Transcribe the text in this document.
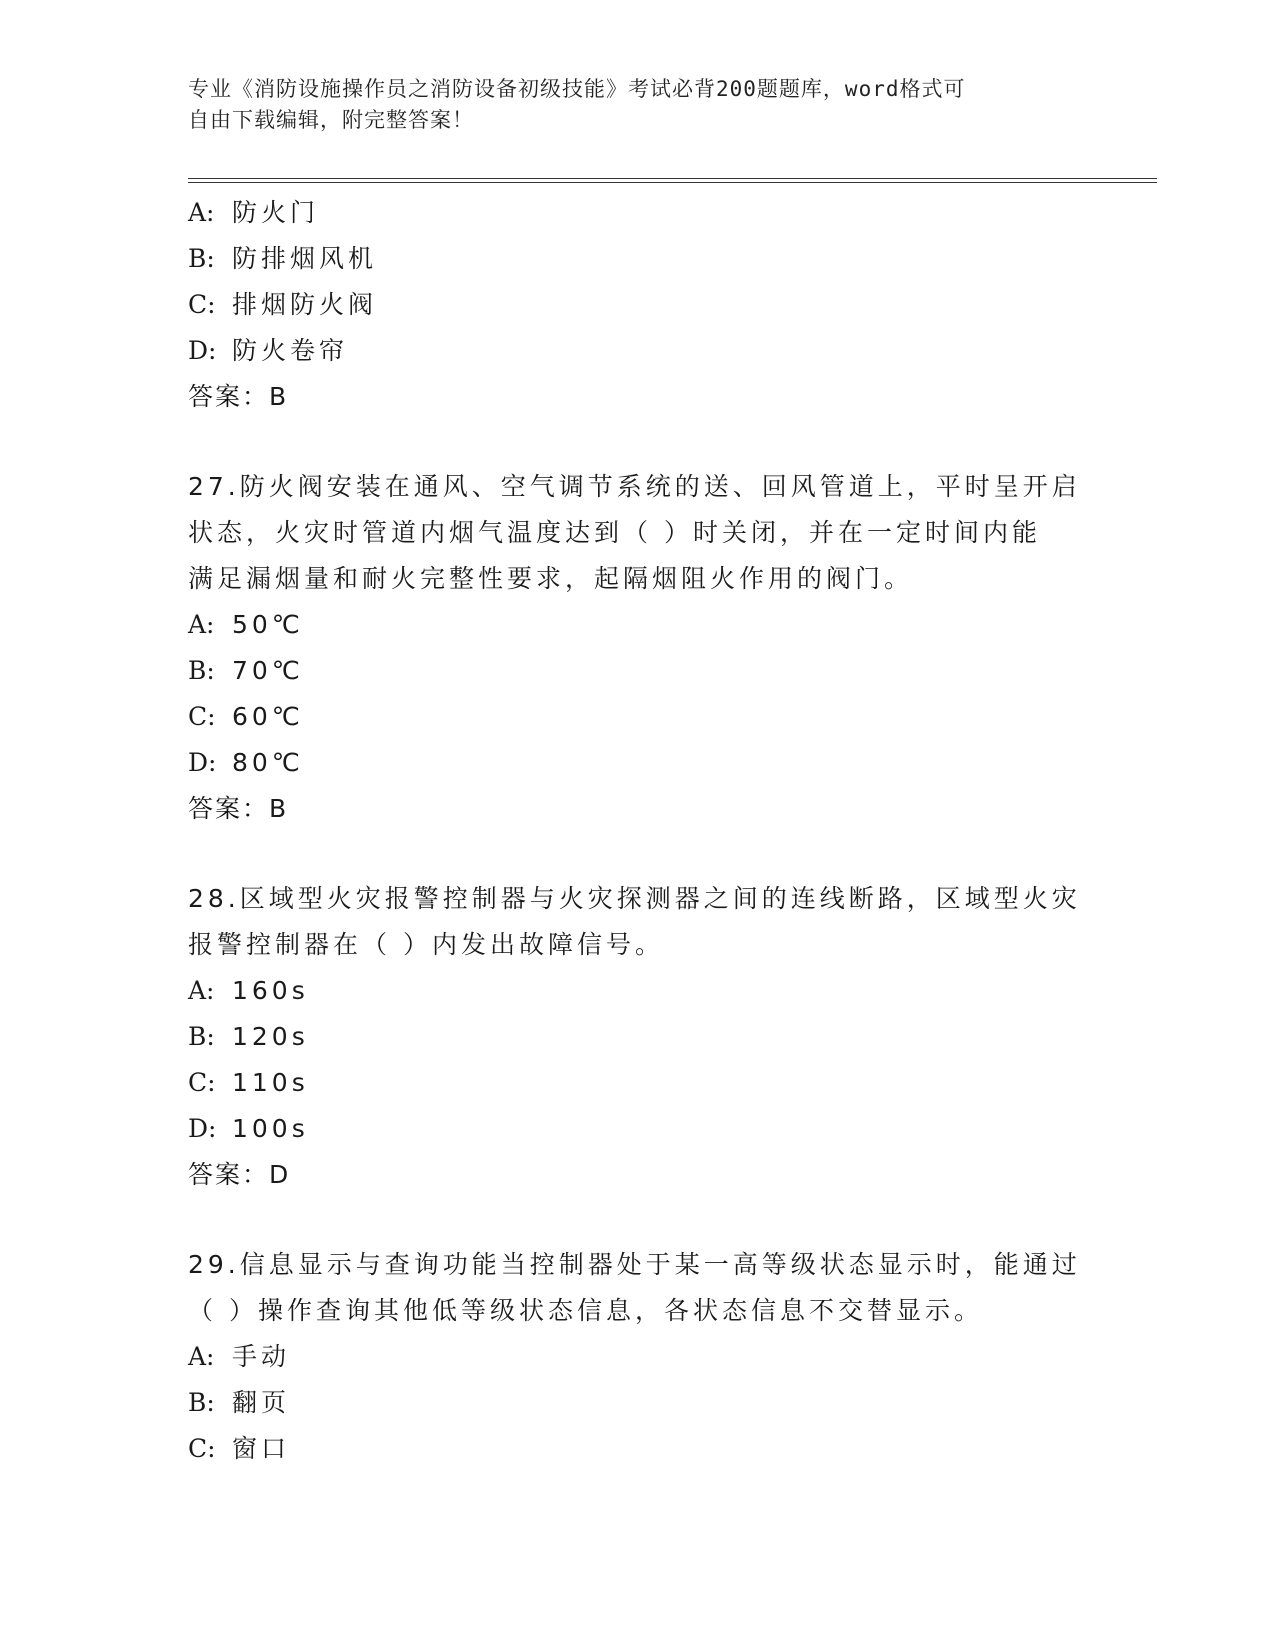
专业《消防设施操作员之消防设备初级技能》考试必背200题题库，word格式可
自由下载编辑，附完整答案！
A: 防火门
B: 防排烟风机
C: 排烟防火阀
D: 防火卷帘
答案：B
27.防火阀安装在通风、空气调节系统的送、回风管道上，平时呈开启
状态，火灾时管道内烟气温度达到（ ）时关闭，并在一定时间内能
满足漏烟量和耐火完整性要求，起隔烟阻火作用的阀门。
A: 50℃
B: 70℃
C: 60℃
D: 80℃
答案：B
28.区域型火灾报警控制器与火灾探测器之间的连线断路，区域型火灾
报警控制器在（ ）内发出故障信号。
A: 160s
B: 120s
C: 110s
D: 100s
答案：D
29.信息显示与查询功能当控制器处于某一高等级状态显示时，能通过
（ ）操作查询其他低等级状态信息，各状态信息不交替显示。
A: 手动
B: 翻页
C: 窗口
